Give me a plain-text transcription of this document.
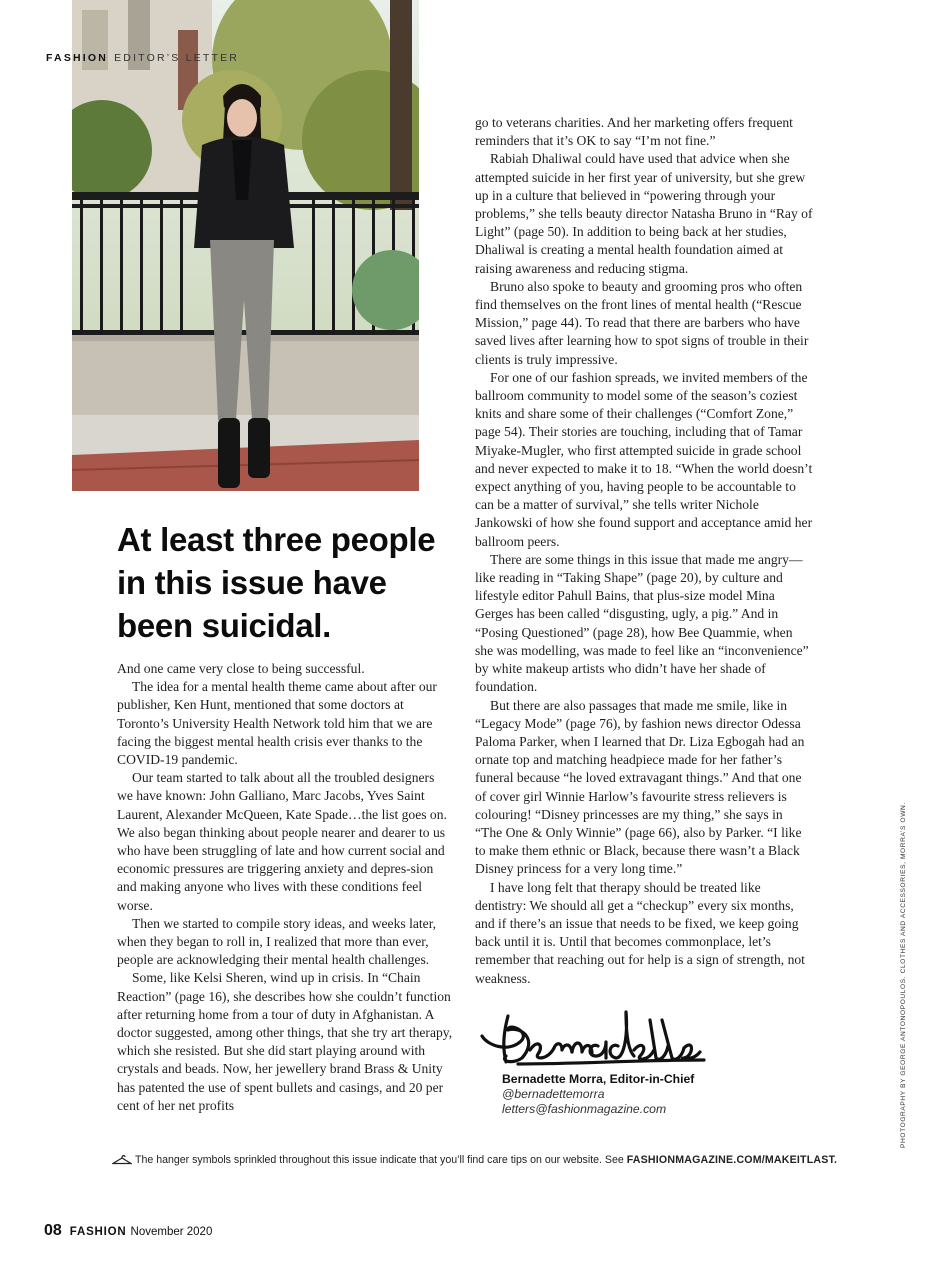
FASHION EDITOR’S LETTER
At least three people in this issue have been suicidal.

And one came very close to being successful.

The idea for a mental health theme came about after our publisher, Ken Hunt, mentioned that some doctors at Toronto’s University Health Network told him that we are facing the biggest mental health crisis ever thanks to the COVID-19 pandemic.

Our team started to talk about all the troubled designers we have known: John Galliano, Marc Jacobs, Yves Saint Laurent, Alexander McQueen, Kate Spade…the list goes on. We also began thinking about people nearer and dearer to us who have been struggling of late and how current social and economic pressures are triggering anxiety and depres-sion and making anyone who lives with these conditions feel worse.

Then we started to compile story ideas, and weeks later, when they began to roll in, I realized that more than ever, people are acknowledging their mental health challenges.

Some, like Kelsi Sheren, wind up in crisis. In “Chain Reaction” (page 16), she describes how she couldn’t function after returning home from a tour of duty in Afghanistan. A doctor suggested, among other things, that she try art therapy, which she resisted. But she did start playing around with crystals and beads. Now, her jewellery brand Brass & Unity has patented the use of spent bullets and casings, and 20 per cent of her net profits

go to veterans charities. And her marketing offers frequent reminders that it’s OK to say “I’m not fine.”

Rabiah Dhaliwal could have used that advice when she attempted suicide in her first year of university, but she grew up in a culture that believed in “powering through your problems,” she tells beauty director Natasha Bruno in “Ray of Light” (page 50). In addition to being back at her studies, Dhaliwal is creating a mental health foundation aimed at raising awareness and reducing stigma.

Bruno also spoke to beauty and grooming pros who often find themselves on the front lines of mental health (“Rescue Mission,” page 44). To read that there are barbers who have saved lives after learning how to spot signs of trouble in their clients is truly impressive.

For one of our fashion spreads, we invited members of the ballroom community to model some of the season’s coziest knits and share some of their challenges (“Comfort Zone,” page 54). Their stories are touching, including that of Tamar Miyake-Mugler, who first attempted suicide in grade school and never expected to make it to 18. “When the world doesn’t expect anything of you, having people to be accountable to can be a matter of survival,” she tells writer Nichole Jankowski of how she found support and acceptance amid her ballroom peers.

There are some things in this issue that made me angry—like reading in “Taking Shape” (page 20), by culture and lifestyle editor Pahull Bains, that plus-size model Mina Gerges has been called “disgusting, ugly, a pig.” And in “Posing Questioned” (page 28), how Bee Quammie, when she was modelling, was made to feel like an “inconvenience” by white makeup artists who didn’t have her shade of foundation.

But there are also passages that made me smile, like in “Legacy Mode” (page 76), by fashion news director Odessa Paloma Parker, when I learned that Dr. Liza Egbogah had an ornate top and matching headpiece made for her father’s funeral because “he loved extravagant things.” And that one of cover girl Winnie Harlow’s favourite stress relievers is colouring! “Disney princesses are my thing,” she says in “The One & Only Winnie” (page 66), also by Parker. “I like to make them ethnic or Black, because there wasn’t a Black Disney princess for a very long time.”

I have long felt that therapy should be treated like dentistry: We should all get a “checkup” every six months, and if there’s an issue that needs to be fixed, we keep going back until it is. Until that becomes commonplace, let’s remember that reaching out for help is a sign of strength, not weakness.

Bernadette Morra, Editor-in-Chief
@bernadettemorra
letters@fashionmagazine.com
The hanger symbols sprinkled throughout this issue indicate that you’ll find care tips on our website. See FASHIONMAGAZINE.COM/MAKEITLAST.
08 FASHION November 2020
PHOTOGRAPHY BY GEORGE ANTONOPOULOS. CLOTHES AND ACCESSORIES, MORRA’S OWN.
